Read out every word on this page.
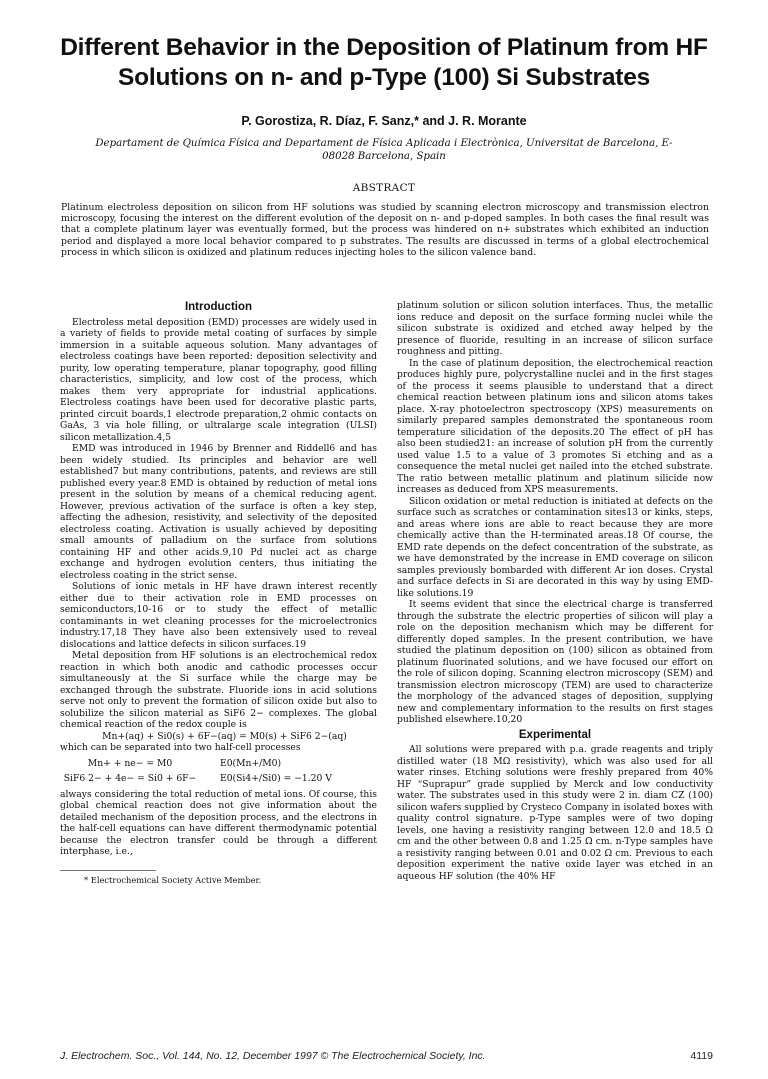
Different Behavior in the Deposition of Platinum from HF Solutions on n- and p-Type (100) Si Substrates
P. Gorostiza, R. Díaz, F. Sanz,* and J. R. Morante
Departament de Química Física and Departament de Física Aplicada i Electrònica, Universitat de Barcelona, E-08028 Barcelona, Spain
ABSTRACT
Platinum electroless deposition on silicon from HF solutions was studied by scanning electron microscopy and transmission electron microscopy, focusing the interest on the different evolution of the deposit on n- and p-doped samples. In both cases the final result was that a complete platinum layer was eventually formed, but the process was hindered on n+ substrates which exhibited an induction period and displayed a more local behavior compared to p substrates. The results are discussed in terms of a global electrochemical process in which silicon is oxidized and platinum reduces injecting holes to the silicon valence band.
Introduction

Electroless metal deposition (EMD) processes are widely used in a variety of fields to provide metal coating of surfaces by simple immersion in a suitable aqueous solution. Many advantages of electroless coatings have been reported: deposition selectivity and purity, low operating temperature, planar topography, good filling characteristics, simplicity, and low cost of the process, which makes them very appropriate for industrial applications. Electroless coatings have been used for decorative plastic parts, printed circuit boards,1 electrode preparation,2 ohmic contacts on GaAs, 3 via hole filling, or ultralarge scale integration (ULSI) silicon metallization.4,5

EMD was introduced in 1946 by Brenner and Riddell6 and has been widely studied. Its principles and behavior are well established7 but many contributions, patents, and reviews are still published every year.8 EMD is obtained by reduction of metal ions present in the solution by means of a chemical reducing agent. However, previous activation of the surface is often a key step, affecting the adhesion, resistivity, and selectivity of the deposited electroless coating. Activation is usually achieved by depositing small amounts of palladium on the surface from solutions containing HF and other acids.9,10 Pd nuclei act as charge exchange and hydrogen evolution centers, thus initiating the electroless coating in the strict sense.

Solutions of ionic metals in HF have drawn interest recently either due to their activation role in EMD processes on semiconductors,10-16 or to study the effect of metallic contaminants in wet cleaning processes for the microelectronics industry.17,18 They have also been extensively used to reveal dislocations and lattice defects in silicon surfaces.19

Metal deposition from HF solutions is an electrochemical redox reaction in which both anodic and cathodic processes occur simultaneously at the Si surface while the charge may be exchanged through the substrate. Fluoride ions in acid solutions serve not only to prevent the formation of silicon oxide but also to solubilize the silicon material as SiF6 2− complexes. The global chemical reaction of the redox couple is

Mn+(aq) + Si0(s) + 6F−(aq) = M0(s) + SiF6 2−(aq)

which can be separated into two half-cell processes

Mn+ + ne− = M0	E0(Mn+/M0)
SiF6 2− + 4e− = Si0 + 6F−	E0(Si4+/Si0) = −1.20 V

always considering the total reduction of metal ions. Of course, this global chemical reaction does not give information about the detailed mechanism of the deposition process, and the electrons in the half-cell equations can have different thermodynamic potential because the electron transfer could be through a different interphase, i.e.,

* Electrochemical Society Active Member.

platinum solution or silicon solution interfaces. Thus, the metallic ions reduce and deposit on the surface forming nuclei while the silicon substrate is oxidized and etched away helped by the presence of fluoride, resulting in an increase of silicon surface roughness and pitting.

In the case of platinum deposition, the electrochemical reaction produces highly pure, polycrystalline nuclei and in the first stages of the process it seems plausible to understand that a direct chemical reaction between platinum ions and silicon atoms takes place. X-ray photoelectron spectroscopy (XPS) measurements on similarly prepared samples demonstrated the spontaneous room temperature silicidation of the deposits.20 The effect of pH has also been studied21: an increase of solution pH from the currently used value 1.5 to a value of 3 promotes Si etching and as a consequence the metal nuclei get nailed into the etched substrate. The ratio between metallic platinum and platinum silicide now increases as deduced from XPS measurements.

Silicon oxidation or metal reduction is initiated at defects on the surface such as scratches or contamination sites13 or kinks, steps, and areas where ions are able to react because they are more chemically active than the H-terminated areas.18 Of course, the EMD rate depends on the defect concentration of the substrate, as we have demonstrated by the increase in EMD coverage on silicon samples previously bombarded with different Ar ion doses. Crystal and surface defects in Si are decorated in this way by using EMD-like solutions.19

It seems evident that since the electrical charge is transferred through the substrate the electric properties of silicon will play a role on the deposition mechanism which may be different for differently doped samples. In the present contribution, we have studied the platinum deposition on (100) silicon as obtained from platinum fluorinated solutions, and we have focused our effort on the role of silicon doping. Scanning electron microscopy (SEM) and transmission electron microscopy (TEM) are used to characterize the morphology of the advanced stages of deposition, supplying new and complementary information to the results on first stages published elsewhere.10,20

Experimental

All solutions were prepared with p.a. grade reagents and triply distilled water (18 MΩ resistivity), which was also used for all water rinses. Etching solutions were freshly prepared from 40% HF “Suprapur” grade supplied by Merck and low conductivity water. The substrates used in this study were 2 in. diam CZ (100) silicon wafers supplied by Crysteco Company in isolated boxes with quality control signature. p-Type samples were of two doping levels, one having a resistivity ranging between 12.0 and 18.5 Ω cm and the other between 0.8 and 1.25 Ω cm. n-Type samples have a resistivity ranging between 0.01 and 0.02 Ω cm. Previous to each deposition experiment the native oxide layer was etched in an aqueous HF solution (the 40% HF

J. Electrochem. Soc., Vol. 144, No. 12, December 1997 © The Electrochemical Society, Inc.	4119
